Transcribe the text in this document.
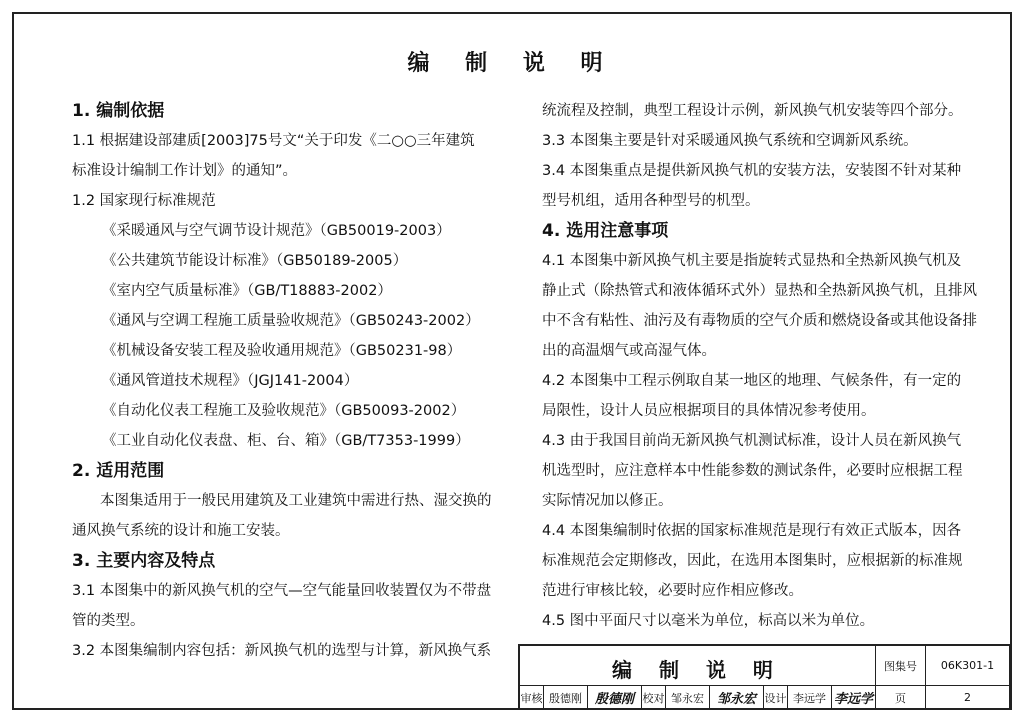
编 制 说 明
1. 编制依据
1.1 根据建设部建质[2003]75号文“关于印发《二○○三年建筑
标准设计编制工作计划》的通知”。
1.2 国家现行标准规范
《采暖通风与空气调节设计规范》（GB50019-2003）
《公共建筑节能设计标准》（GB50189-2005）
《室内空气质量标准》（GB/T18883-2002）
《通风与空调工程施工质量验收规范》（GB50243-2002）
《机械设备安装工程及验收通用规范》（GB50231-98）
《通风管道技术规程》（JGJ141-2004）
《自动化仪表工程施工及验收规范》（GB50093-2002）
《工业自动化仪表盘、柜、台、箱》（GB/T7353-1999）
2. 适用范围
本图集适用于一般民用建筑及工业建筑中需进行热、湿交换的
通风换气系统的设计和施工安装。
3. 主要内容及特点
3.1 本图集中的新风换气机的空气—空气能量回收装置仅为不带盘
管的类型。
3.2 本图集编制内容包括：新风换气机的选型与计算，新风换气系
统流程及控制，典型工程设计示例，新风换气机安装等四个部分。
3.3 本图集主要是针对采暖通风换气系统和空调新风系统。
3.4 本图集重点是提供新风换气机的安装方法，安装图不针对某种
型号机组，适用各种型号的机型。
4. 选用注意事项
4.1 本图集中新风换气机主要是指旋转式显热和全热新风换气机及
静止式（除热管式和液体循环式外）显热和全热新风换气机，且排风
中不含有粘性、油污及有毒物质的空气介质和燃烧设备或其他设备排
出的高温烟气或高湿气体。
4.2 本图集中工程示例取自某一地区的地理、气候条件，有一定的
局限性，设计人员应根据项目的具体情况参考使用。
4.3 由于我国目前尚无新风换气机测试标准，设计人员在新风换气
机选型时，应注意样本中性能参数的测试条件，必要时应根据工程
实际情况加以修正。
4.4 本图集编制时依据的国家标准规范是现行有效正式版本，因各
标准规范会定期修改，因此，在选用本图集时，应根据新的标准规
范进行审核比较，必要时应作相应修改。
4.5 图中平面尺寸以毫米为单位，标高以米为单位。
编 制 说 明	图集号	06K301-1
审核 殷德刚 殷德刚 校对 邹永宏 邹永宏 设计 李远学 李远学	页	2
